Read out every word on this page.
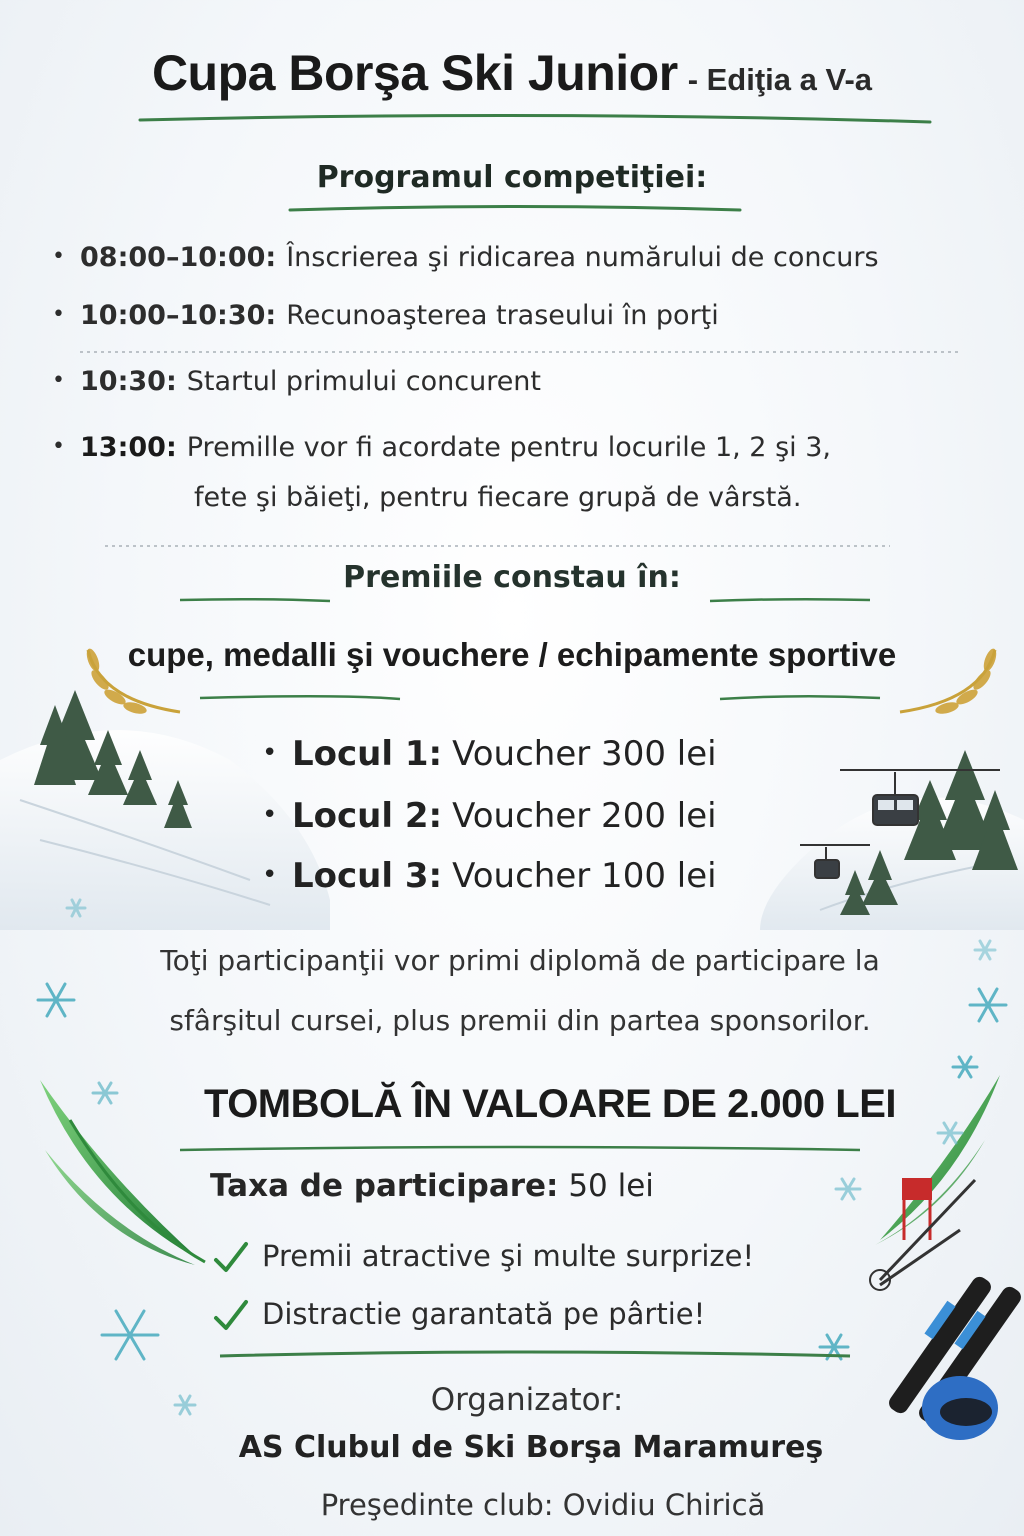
Cupa Borşa Ski Junior - Ediţia a V-a
Programul competiţiei:
• 08:00–10:00: Înscrierea şi ridicarea numărului de concurs
• 10:00–10:30: Recunoaşterea traseului în porţi
• 10:30: Startul primului concurent
• 13:00: Premille vor fi acordate pentru locurile 1, 2 şi 3,
fete şi băieţi, pentru fiecare grupă de vârstă.
Premiile constau în:
cupe, medalli şi vouchere / echipamente sportive
• Locul 1: Voucher 300 lei
• Locul 2: Voucher 200 lei
• Locul 3: Voucher 100 lei
Toţi participanţii vor primi diplomă de participare la
sfârşitul cursei, plus premii din partea sponsorilor.
TOMBOLĂ ÎN VALOARE DE 2.000 LEI
Taxa de participare: 50 lei
Premii atractive şi multe surprize!
Distractie garantată pe pârtie!
Organizator:
AS Clubul de Ski Borşa Maramureş
Preşedinte club: Ovidiu Chirică
